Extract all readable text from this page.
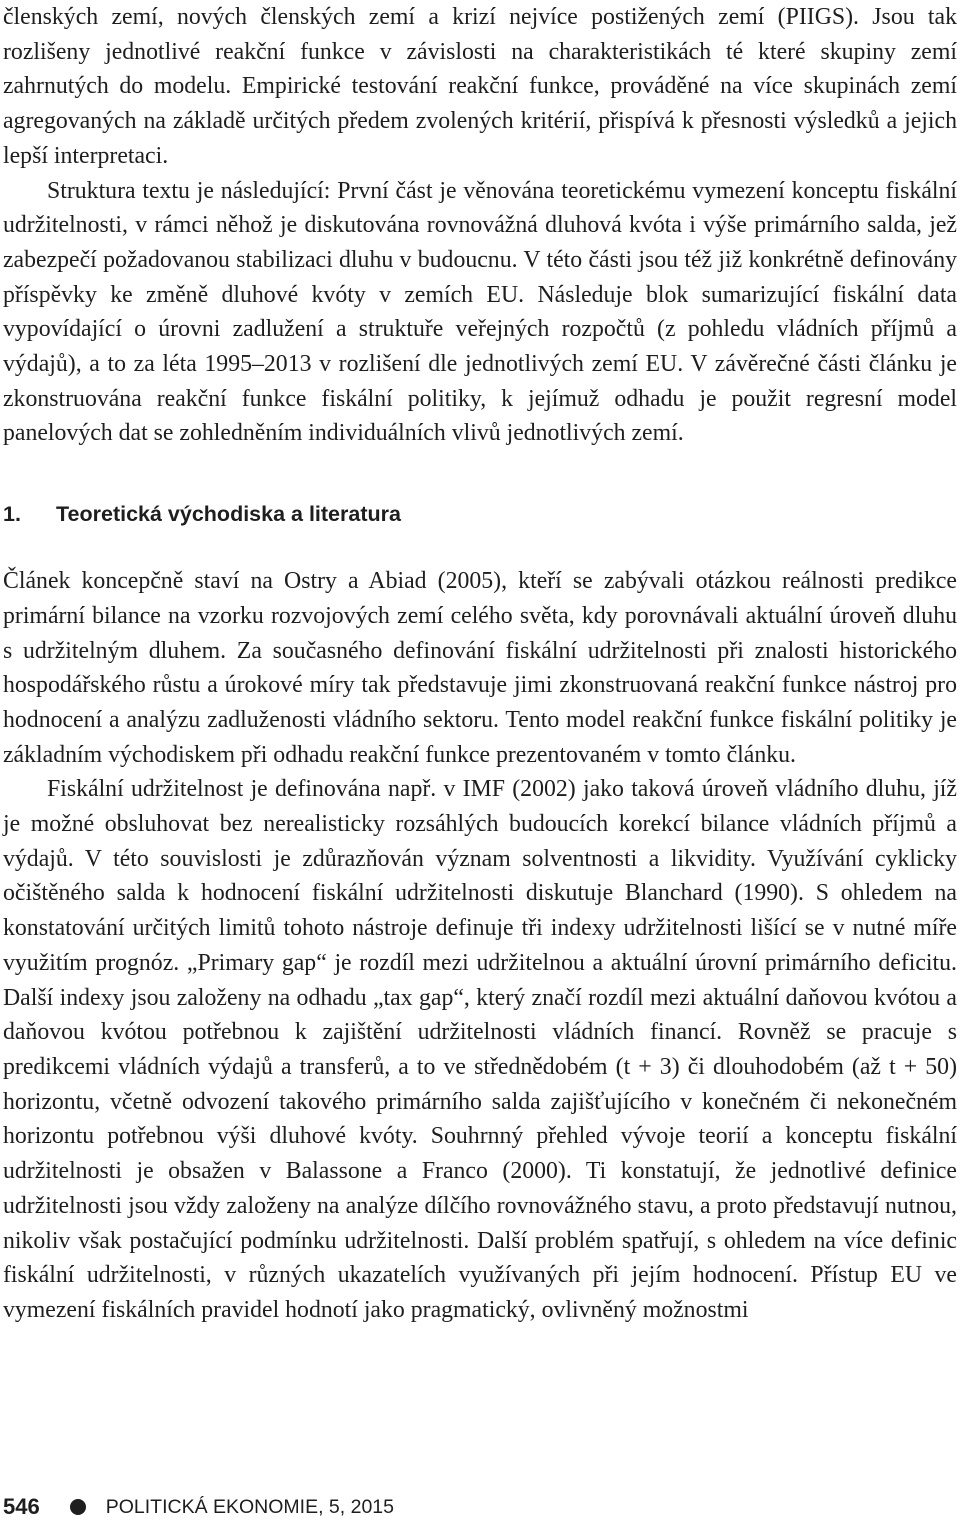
členských zemí, nových členských zemí a krizí nejvíce postižených zemí (PIIGS). Jsou tak rozlišeny jednotlivé reakční funkce v závislosti na charakteristikách té které skupiny zemí zahrnutých do modelu. Empirické testování reakční funkce, prováděné na více skupinách zemí agregovaných na základě určitých předem zvolených kritérií, přispívá k přesnosti výsledků a jejich lepší interpretaci.

Struktura textu je následující: První část je věnována teoretickému vymezení konceptu fiskální udržitelnosti, v rámci něhož je diskutována rovnovážná dluhová kvóta i výše primárního salda, jež zabezpečí požadovanou stabilizaci dluhu v budoucnu. V této části jsou též již konkrétně definovány příspěvky ke změně dluhové kvóty v zemích EU. Následuje blok sumarizující fiskální data vypovídající o úrovni zadlužení a struktuře veřejných rozpočtů (z pohledu vládních příjmů a výdajů), a to za léta 1995–2013 v rozlišení dle jednotlivých zemí EU. V závěrečné části článku je zkonstruována reakční funkce fiskální politiky, k jejímuž odhadu je použit regresní model panelových dat se zohledněním individuálních vlivů jednotlivých zemí.

1.	Teoretická východiska a literatura

Článek koncepčně staví na Ostry a Abiad (2005), kteří se zabývali otázkou reálnosti predikce primární bilance na vzorku rozvojových zemí celého světa, kdy porovnávali aktuální úroveň dluhu s udržitelným dluhem. Za současného definování fiskální udržitelnosti při znalosti historického hospodářského růstu a úrokové míry tak představuje jimi zkonstruovaná reakční funkce nástroj pro hodnocení a analýzu zadluženosti vládního sektoru. Tento model reakční funkce fiskální politiky je základním východiskem při odhadu reakční funkce prezentovaném v tomto článku.

Fiskální udržitelnost je definována např. v IMF (2002) jako taková úroveň vládního dluhu, jíž je možné obsluhovat bez nerealisticky rozsáhlých budoucích korekcí bilance vládních příjmů a výdajů. V této souvislosti je zdůrazňován význam solventnosti a likvidity. Využívání cyklicky očištěného salda k hodnocení fiskální udržitelnosti diskutuje Blanchard (1990). S ohledem na konstatování určitých limitů tohoto nástroje definuje tři indexy udržitelnosti lišící se v nutné míře využitím prognóz. „Primary gap“ je rozdíl mezi udržitelnou a aktuální úrovní primárního deficitu. Další indexy jsou založeny na odhadu „tax gap“, který značí rozdíl mezi aktuální daňovou kvótou a daňovou kvótou potřebnou k zajištění udržitelnosti vládních financí. Rovněž se pracuje s predikcemi vládních výdajů a transferů, a to ve střednědobém (t + 3) či dlouhodobém (až t + 50) horizontu, včetně odvození takového primárního salda zajišťujícího v konečném či nekonečném horizontu potřebnou výši dluhové kvóty. Souhrnný přehled vývoje teorií a konceptu fiskální udržitelnosti je obsažen v Balassone a Franco (2000). Ti konstatují, že jednotlivé definice udržitelnosti jsou vždy založeny na analýze dílčího rovnovážného stavu, a proto představují nutnou, nikoliv však postačující podmínku udržitelnosti. Další problém spatřují, s ohledem na více definic fiskální udržitelnosti, v různých ukazatelích využívaných při jejím hodnocení. Přístup EU ve vymezení fiskálních pravidel hodnotí jako pragmatický, ovlivněný možnostmi

546	POLITICKÁ EKONOMIE, 5, 2015
